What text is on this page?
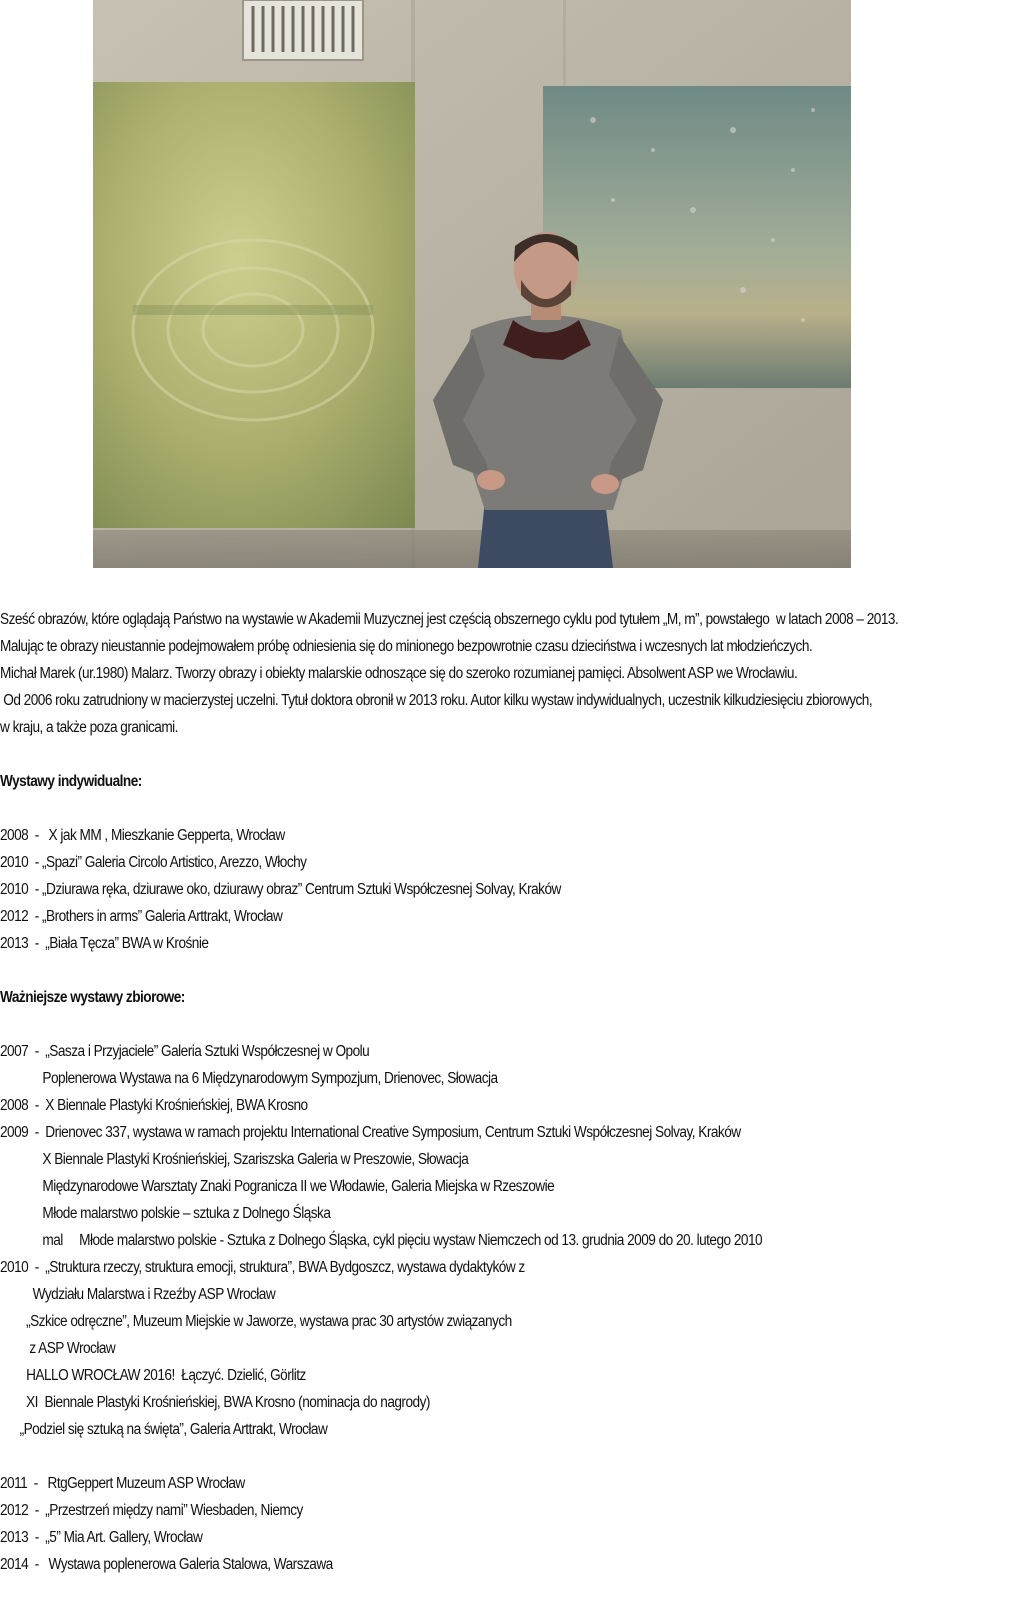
Sześć obrazów, które oglądają Państwo na wystawie w Akademii Muzycznej jest częścią obszernego cyklu pod tytułem „M, m”, powstałego  w latach 2008 – 2013.
Malując te obrazy nieustannie podejmowałem próbę odniesienia się do minionego bezpowrotnie czasu dzieciństwa i wczesnych lat młodzieńczych.
Michał Marek (ur.1980) Malarz. Tworzy obrazy i obiekty malarskie odnoszące się do szeroko rozumianej pamięci. Absolwent ASP we Wrocławiu.
Od 2006 roku zatrudniony w macierzystej uczelni. Tytuł doktora obronił w 2013 roku. Autor kilku wystaw indywidualnych, uczestnik kilkudziesięciu zbiorowych,
w kraju, a także poza granicami.
Wystawy indywidualne:
2008  -   X jak MM , Mieszkanie Gepperta, Wrocław
2010  - „Spazi” Galeria Circolo Artistico, Arezzo, Włochy
2010  - „Dziurawa ręka, dziurawe oko, dziurawy obraz” Centrum Sztuki Współczesnej Solvay, Kraków
2012  - „Brothers in arms” Galeria Arttrakt, Wrocław
2013  -  „Biała Tęcza” BWA w Krośnie
Ważniejsze wystawy zbiorowe:
2007  -  „Sasza i Przyjaciele” Galeria Sztuki Współczesnej w Opolu
Poplenerowa Wystawa na 6 Międzynarodowym Sympozjum, Drienovec, Słowacja
2008  -  X Biennale Plastyki Krośnieńskiej, BWA Krosno
2009  -  Drienovec 337, wystawa w ramach projektu International Creative Symposium, Centrum Sztuki Współczesnej Solvay, Kraków
X Biennale Plastyki Krośnieńskiej, Szariszska Galeria w Preszowie, Słowacja
Międzynarodowe Warsztaty Znaki Pogranicza II we Włodawie, Galeria Miejska w Rzeszowie
Młode malarstwo polskie – sztuka z Dolnego Śląska
mal     Młode malarstwo polskie - Sztuka z Dolnego Śląska, cykl pięciu wystaw Niemczech od 13. grudnia 2009 do 20. lutego 2010
2010  -  „Struktura rzeczy, struktura emocji, struktura”, BWA Bydgoszcz, wystawa dydaktyków z
Wydziału Malarstwa i Rzeźby ASP Wrocław
„Szkice odręczne”, Muzeum Miejskie w Jaworze, wystawa prac 30 artystów związanych
z ASP Wrocław
HALLO WROCŁAW 2016!  Łączyć. Dzielić, Görlitz
XI  Biennale Plastyki Krośnieńskiej, BWA Krosno (nominacja do nagrody)
„Podziel się sztuką na święta”, Galeria Arttrakt, Wrocław
2011  -   RtgGeppert Muzeum ASP Wrocław
2012  -  „Przestrzeń między nami” Wiesbaden, Niemcy
2013  -  „5” Mia Art. Gallery, Wrocław
2014  -   Wystawa poplenerowa Galeria Stalowa, Warszawa
